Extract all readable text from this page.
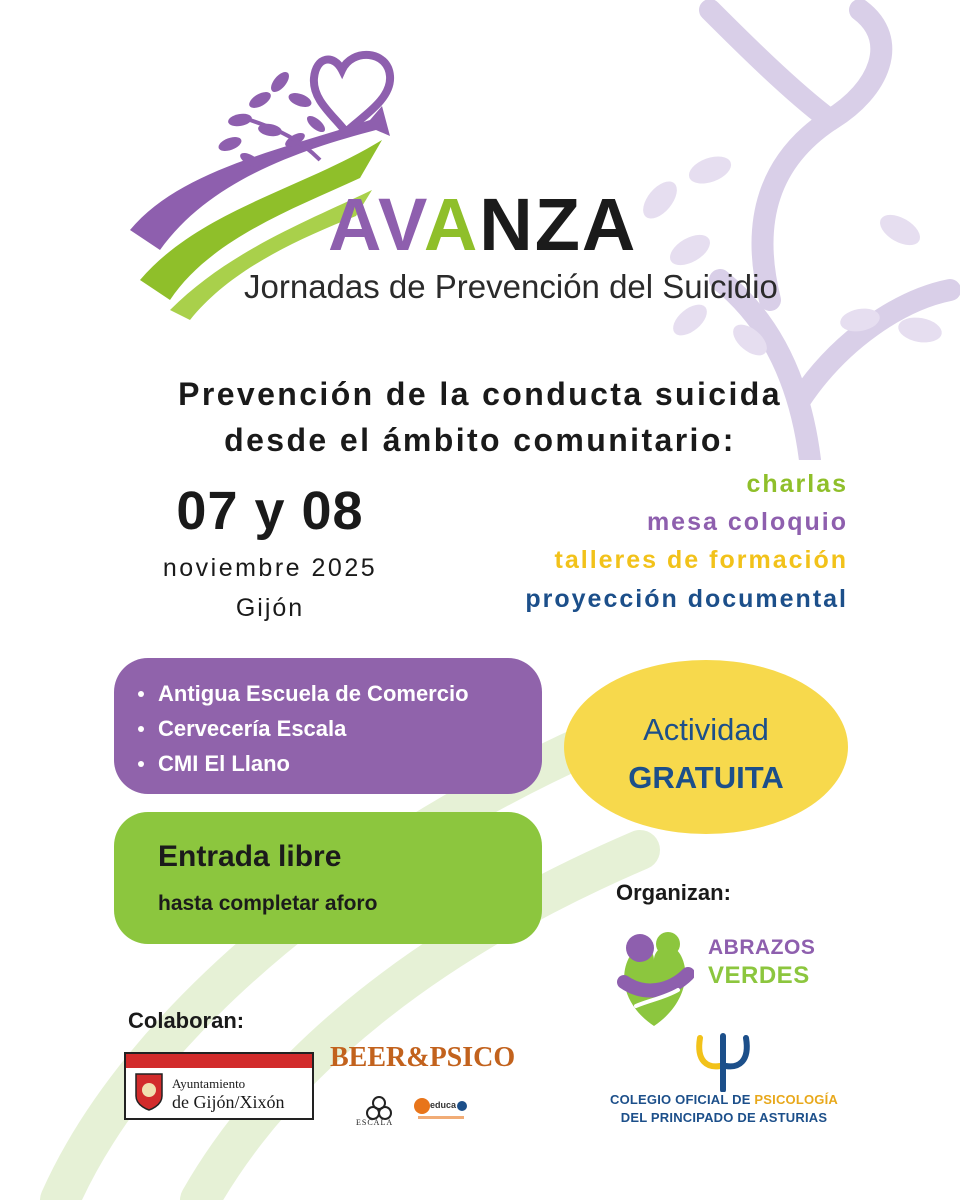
AVANZA
Jornadas de Prevención del Suicidio
Prevención de la conducta suicida
desde el ámbito comunitario:
07 y 08
noviembre 2025
Gijón
charlas
mesa coloquio
talleres de formación
proyección documental
Antigua Escuela de Comercio
Cervecería Escala
CMI El Llano
Entrada libre
hasta completar aforo
Actividad
GRATUITA
Organizan:
ABRAZOS
VERDES
COLEGIO OFICIAL DE PSICOLOGÍA
DEL PRINCIPADO DE ASTURIAS
Colaboran:
Ayuntamiento
de Gijón/Xixón
BEER&PSICO
ESCALA
educa
